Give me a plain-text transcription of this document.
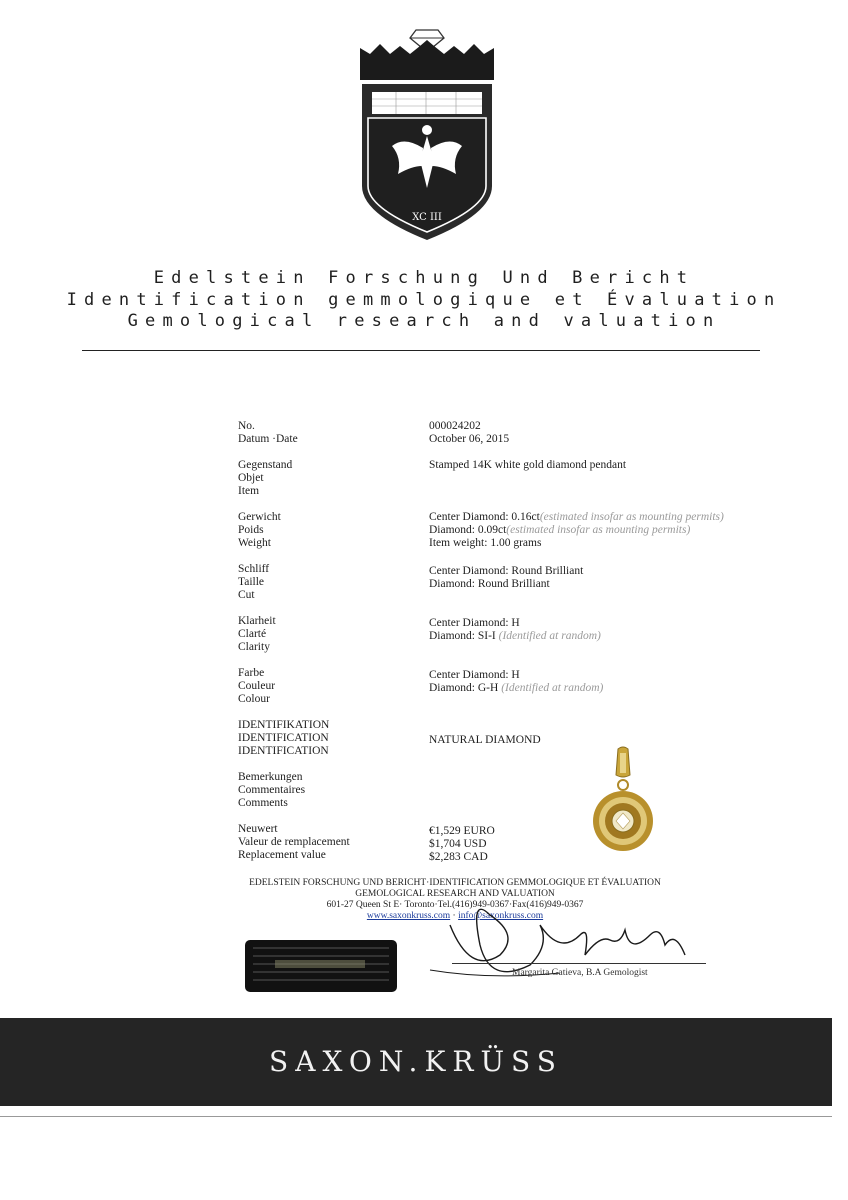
XC III
Edelstein Forschung Und Bericht
Identification gemmologique et Évaluation
Gemological research and valuation
No.
Datum ·Date
000024202
October 06, 2015
Gegenstand
Objet
Item
Stamped 14K white gold diamond pendant
Gerwicht
Poids
Weight
Center Diamond: 0.16ct(estimated insofar as mounting permits)
Diamond: 0.09ct(estimated insofar as mounting permits)
Item weight: 1.00 grams
Schliff
Taille
Cut
Center Diamond: Round Brilliant
Diamond: Round Brilliant
Klarheit
Clarté
Clarity
Center Diamond: H
Diamond: SI-I (Identified at random)
Farbe
Couleur
Colour
Center Diamond: H
Diamond: G-H (Identified at random)
IDENTIFIKATION
IDENTIFICATION
IDENTIFICATION
NATURAL DIAMOND
Bemerkungen
Commentaires
Comments
Neuwert
Valeur de remplacement
Replacement value
€1,529 EURO
$1,704 USD
$2,283 CAD
EDELSTEIN FORSCHUNG UND BERICHT·IDENTIFICATION GEMMOLOGIQUE ET ÉVALUATION
GEMOLOGICAL RESEARCH AND VALUATION
601-27 Queen St E· Toronto·Tel.(416)949-0367·Fax(416)949-0367
www.saxonkruss.com · info@saxonkruss.com
Margarita Gatieva, B.A Gemologist
SAXON.KRÜSS
